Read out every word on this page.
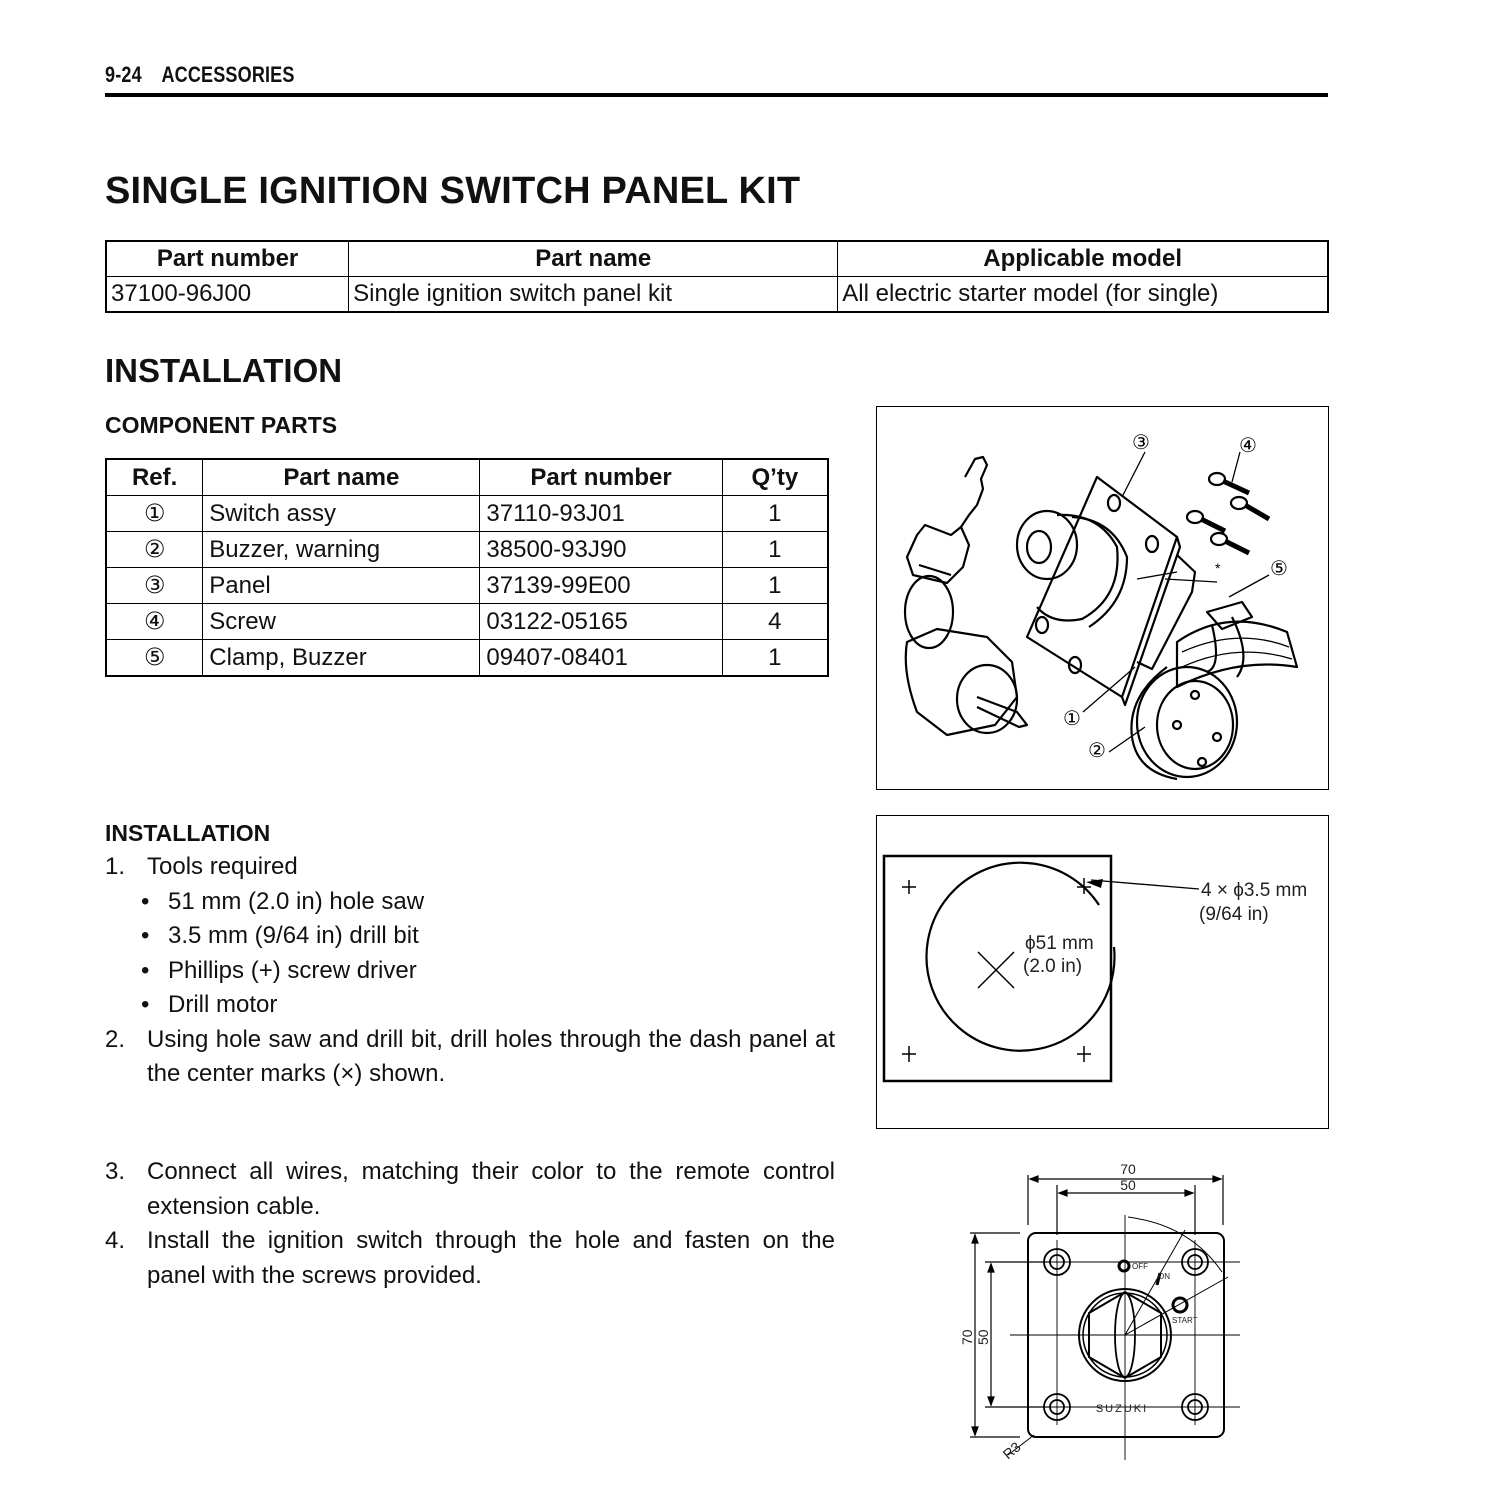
9-24 ACCESSORIES
SINGLE IGNITION SWITCH PANEL KIT
Part number	Part name	Applicable model
37100-96J00	Single ignition switch panel kit	All electric starter model (for single)
INSTALLATION
COMPONENT PARTS
Ref.	Part name	Part number	Q’ty
①	Switch assy	37110-93J01	1
②	Buzzer, warning	38500-93J90	1
③	Panel	37139-99E00	1
④	Screw	03122-05165	4
⑤	Clamp, Buzzer	09407-08401	1
③	④
⑤
①
②
*
4 × ϕ3.5 mm
(9/64 in)
ϕ51 mm
(2.0 in)
70
50
70 50
R3
OFF
ON
START
SUZUKI
INSTALLATION
1. Tools required
• 51 mm (2.0 in) hole saw
• 3.5 mm (9/64 in) drill bit
• Phillips (+) screw driver
• Drill motor
2. Using hole saw and drill bit, drill holes through the dash panel at the center marks (×) shown.
3. Connect all wires, matching their color to the remote control extension cable.
4. Install the ignition switch through the hole and fasten on the panel with the screws provided.
